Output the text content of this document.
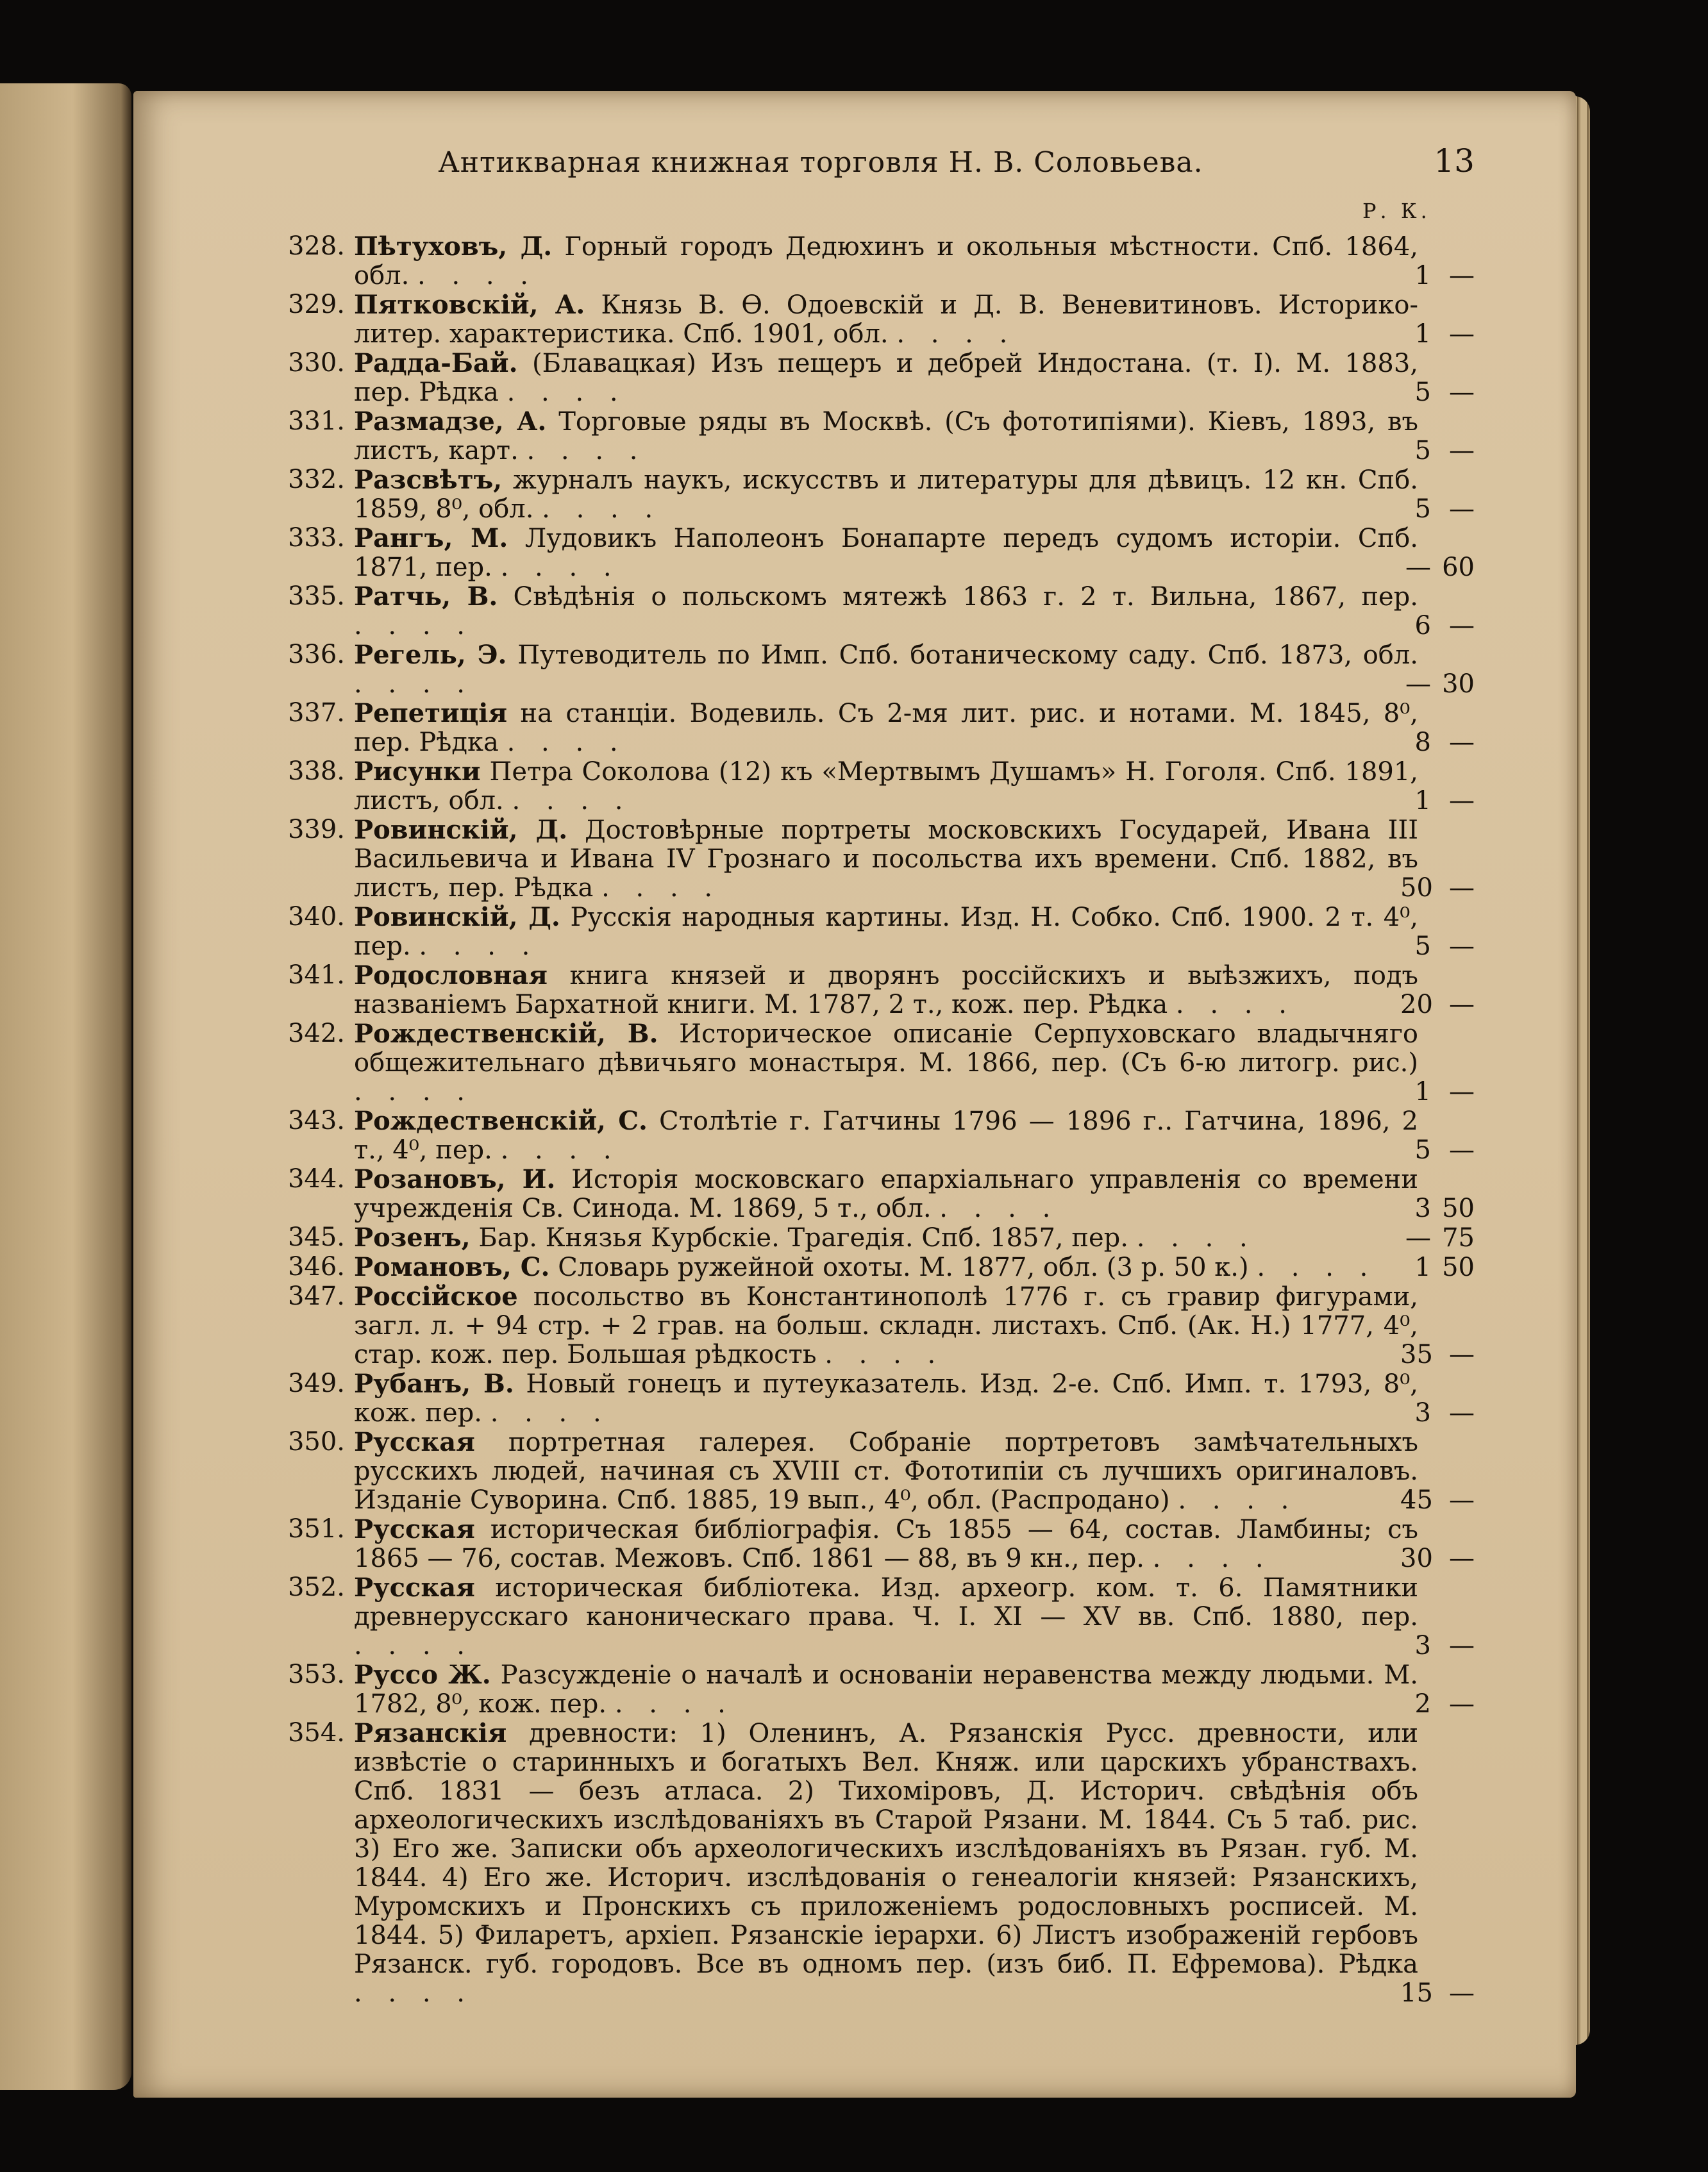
Антикварная книжная торговля Н. В. Соловьева.	13
Р. К.
328. Пѣтуховъ, Д. Горный городъ Дедюхинъ и окольныя мѣстности. Спб. 1864, обл. . . . .	1 —
329. Пятковскій, А. Князь В. Ѳ. Одоевскій и Д. В. Веневитиновъ. Историко-литер. характеристика. Спб. 1901, обл. . . . .	1 —
330. Радда-Бай. (Блавацкая) Изъ пещеръ и дебрей Индостана. (т. I). М. 1883, пер. Рѣдка . . . .	5 —
331. Размадзе, А. Торговые ряды въ Москвѣ. (Съ фототипіями). Кіевъ, 1893, въ листъ, карт. . . . .	5 —
332. Разсвѣтъ, журналъ наукъ, искусствъ и литературы для дѣвицъ. 12 кн. Спб. 1859, 8⁰, обл. . . . .	5 —
333. Рангъ, М. Лудовикъ Наполеонъ Бонапарте передъ судомъ исторіи. Спб. 1871, пер. . . . .	— 60
335. Ратчь, В. Свѣдѣнія о польскомъ мятежѣ 1863 г. 2 т. Вильна, 1867, пер. . . . .	6 —
336. Регель, Э. Путеводитель по Имп. Спб. ботаническому саду. Спб. 1873, обл. . . . .	— 30
337. Репетиція на станціи. Водевиль. Съ 2-мя лит. рис. и нотами. М. 1845, 8⁰, пер. Рѣдка . . . .	8 —
338. Рисунки Петра Соколова (12) къ «Мертвымъ Душамъ» Н. Гоголя. Спб. 1891, листъ, обл. . . . .	1 —
339. Ровинскій, Д. Достовѣрные портреты московскихъ Государей, Ивана III Васильевича и Ивана IV Грознаго и посольства ихъ времени. Спб. 1882, въ листъ, пер. Рѣдка . . . .	50 —
340. Ровинскій, Д. Русскія народныя картины. Изд. Н. Собко. Спб. 1900. 2 т. 4⁰, пер. . . . .	5 —
341. Родословная книга князей и дворянъ россійскихъ и выѣзжихъ, подъ названіемъ Бархатной книги. М. 1787, 2 т., кож. пер. Рѣдка . . . .	20 —
342. Рождественскій, В. Историческое описаніе Серпуховскаго владычняго общежительнаго дѣвичьяго монастыря. М. 1866, пер. (Съ 6-ю литогр. рис.) . . . .	1 —
343. Рождественскій, С. Столѣтіе г. Гатчины 1796 — 1896 г.. Гатчина, 1896, 2 т., 4⁰, пер. . . . .	5 —
344. Розановъ, И. Исторія московскаго епархіальнаго управленія со времени учрежденія Св. Синода. М. 1869, 5 т., обл. . . . .	3 50
345. Розенъ, Бар. Князья Курбскіе. Трагедія. Спб. 1857, пер. . . . .	— 75
346. Романовъ, С. Словарь ружейной охоты. М. 1877, обл. (3 р. 50 к.) . . . .	1 50
347. Россійское посольство въ Константинополѣ 1776 г. съ гравир фигурами, загл. л. + 94 стр. + 2 грав. на больш. складн. листахъ. Спб. (Ак. Н.) 1777, 4⁰, стар. кож. пер. Большая рѣдкость . . . .	35 —
349. Рубанъ, В. Новый гонецъ и путеуказатель. Изд. 2-е. Спб. Имп. т. 1793, 8⁰, кож. пер. . . . .	3 —
350. Русская портретная галерея. Собраніе портретовъ замѣчательныхъ русскихъ людей, начиная съ XVIII ст. Фототипіи съ лучшихъ оригиналовъ. Изданіе Суворина. Спб. 1885, 19 вып., 4⁰, обл. (Распродано) . . . .	45 —
351. Русская историческая библіографія. Съ 1855 — 64, состав. Ламбины; съ 1865 — 76, состав. Межовъ. Спб. 1861 — 88, въ 9 кн., пер. . . . .	30 —
352. Русская историческая библіотека. Изд. археогр. ком. т. 6. Памятники древнерусскаго каноническаго права. Ч. I. XI — XV вв. Спб. 1880, пер. . . . .	3 —
353. Руссо Ж. Разсужденіе о началѣ и основаніи неравенства между людьми. М. 1782, 8⁰, кож. пер. . . . .	2 —
354. Рязанскія древности: 1) Оленинъ, А. Рязанскія Русс. древности, или извѣстіе о старинныхъ и богатыхъ Вел. Княж. или царскихъ убранствахъ. Спб. 1831 — безъ атласа. 2) Тихоміровъ, Д. Историч. свѣдѣнія объ археологическихъ изслѣдованіяхъ въ Старой Рязани. М. 1844. Съ 5 таб. рис. 3) Его же. Записки объ археологическихъ изслѣдованіяхъ въ Рязан. губ. М. 1844. 4) Его же. Историч. изслѣдованія о генеалогіи князей: Рязанскихъ, Муромскихъ и Пронскихъ съ приложеніемъ родословныхъ росписей. М. 1844. 5) Филаретъ, архіеп. Рязанскіе іерархи. 6) Листъ изображеній гербовъ Рязанск. губ. городовъ. Все въ одномъ пер. (изъ биб. П. Ефремова). Рѣдка . . . .	15 —
